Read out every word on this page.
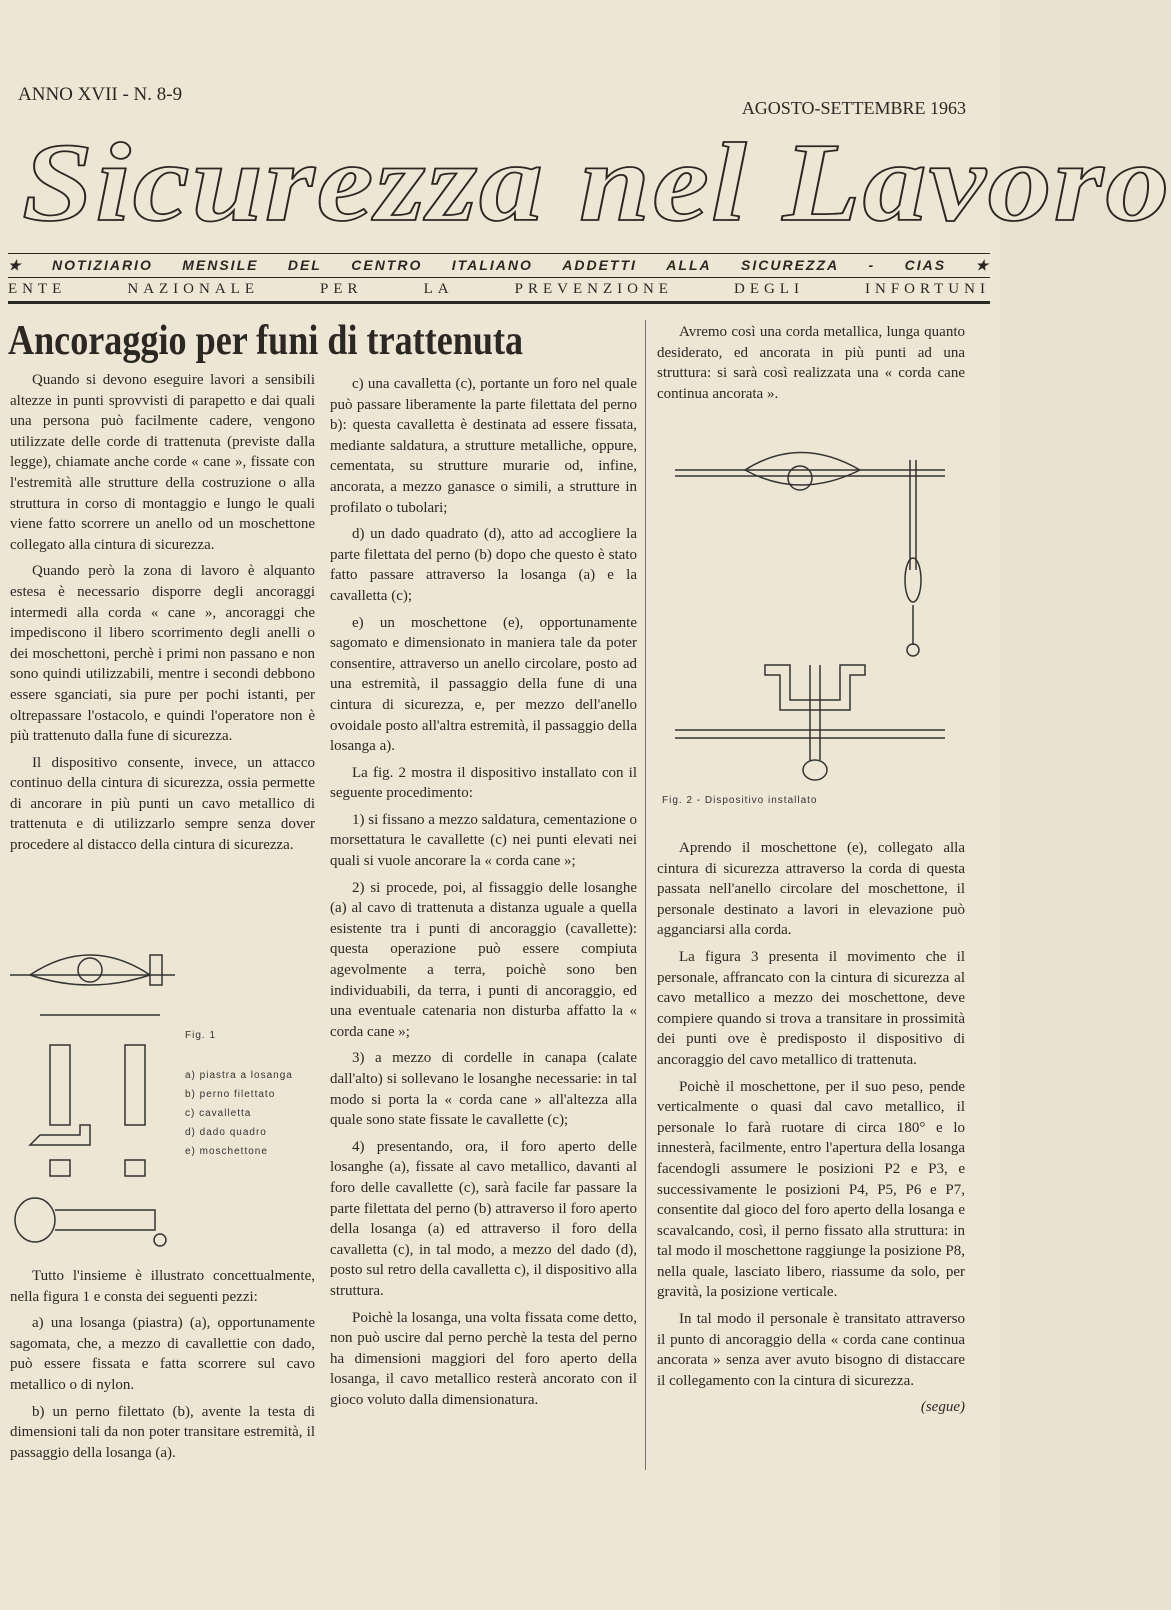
ANNO XVII - N. 8-9
AGOSTO-SETTEMBRE 1963
Sicurezza nel Lavoro
★ NOTIZIARIO MENSILE DEL CENTRO ITALIANO ADDETTI ALLA SICUREZZA - CIAS ★
ENTE	NAZIONALE	PER	LA	PREVENZIONE	DEGLI	INFORTUNI
Ancoraggio per funi di trattenuta

Quando si devono eseguire lavori a sensibili altezze in punti sprovvisti di parapetto e dai quali una persona può facilmente cadere, vengono utilizzate delle corde di trattenuta (previste dalla legge), chiamate anche corde « cane », fissate con l'estremità alle strutture della costruzione o alla struttura in corso di montaggio e lungo le quali viene fatto scorrere un anello od un moschettone collegato alla cintura di sicurezza.

Quando però la zona di lavoro è alquanto estesa è necessario disporre degli ancoraggi intermedi alla corda « cane », ancoraggi che impediscono il libero scorrimento degli anelli o dei moschettoni, perchè i primi non passano e non sono quindi utilizzabili, mentre i secondi debbono essere sganciati, sia pure per pochi istanti, per oltrepassare l'ostacolo, e quindi l'operatore non è più trattenuto dalla fune di sicurezza.

Il dispositivo consente, invece, un attacco continuo della cintura di sicurezza, ossia permette di ancorare in più punti un cavo metallico di trattenuta e di utilizzarlo sempre senza dover procedere al distacco della cintura di sicurezza.

Fig. 1
a) piastra a losanga
b) perno filettato
c) cavalletta
d) dado quadro
e) moschettone

Tutto l'insieme è illustrato concettualmente, nella figura 1 e consta dei seguenti pezzi:

a) una losanga (piastra) (a), opportunamente sagomata, che, a mezzo di cavallettie con dado, può essere fissata e fatta scorrere sul cavo metallico o di nylon.

b) un perno filettato (b), avente la testa di dimensioni tali da non poter transitare estremità, il passaggio della losanga (a).

c) una cavalletta (c), portante un foro nel quale può passare liberamente la parte filettata del perno b): questa cavalletta è destinata ad essere fissata, mediante saldatura, a strutture metalliche, oppure, cementata, su strutture murarie od, infine, ancorata, a mezzo ganasce o simili, a strutture in profilato o tubolari;

d) un dado quadrato (d), atto ad accogliere la parte filettata del perno (b) dopo che questo è stato fatto passare attraverso la losanga (a) e la cavalletta (c);

e) un moschettone (e), opportunamente sagomato e dimensionato in maniera tale da poter consentire, attraverso un anello circolare, posto ad una estremità, il passaggio della fune di una cintura di sicurezza, e, per mezzo dell'anello ovoidale posto all'altra estremità, il passaggio della losanga a).

La fig. 2 mostra il dispositivo installato con il seguente procedimento:

1) si fissano a mezzo saldatura, cementazione o morsettatura le cavallette (c) nei punti elevati nei quali si vuole ancorare la « corda cane »;

2) si procede, poi, al fissaggio delle losanghe (a) al cavo di trattenuta a distanza uguale a quella esistente tra i punti di ancoraggio (cavallette): questa operazione può essere compiuta agevolmente a terra, poichè sono ben individuabili, da terra, i punti di ancoraggio, ed una eventuale catenaria non disturba affatto la « corda cane »;

3) a mezzo di cordelle in canapa (calate dall'alto) si sollevano le losanghe necessarie: in tal modo si porta la « corda cane » all'altezza alla quale sono state fissate le cavallette (c);

4) presentando, ora, il foro aperto delle losanghe (a), fissate al cavo metallico, davanti al foro delle cavallette (c), sarà facile far passare la parte filettata del perno (b) attraverso il foro aperto della losanga (a) ed attraverso il foro della cavalletta (c), in tal modo, a mezzo del dado (d), posto sul retro della cavalletta c), il dispositivo alla struttura.

Poichè la losanga, una volta fissata come detto, non può uscire dal perno perchè la testa del perno ha dimensioni maggiori del foro aperto della losanga, il cavo metallico resterà ancorato con il gioco voluto dalla dimensionatura.

Avremo così una corda metallica, lunga quanto desiderato, ed ancorata in più punti ad una struttura: si sarà così realizzata una « corda cane continua ancorata ».

Fig. 2 - Dispositivo installato

Aprendo il moschettone (e), collegato alla cintura di sicurezza attraverso la corda di questa passata nell'anello circolare del moschettone, il personale destinato a lavori in elevazione può agganciarsi alla corda.

La figura 3 presenta il movimento che il personale, affrancato con la cintura di sicurezza al cavo metallico a mezzo dei moschettone, deve compiere quando si trova a transitare in prossimità dei punti ove è predisposto il dispositivo di ancoraggio del cavo metallico di trattenuta.

Poichè il moschettone, per il suo peso, pende verticalmente o quasi dal cavo metallico, il personale lo farà ruotare di circa 180° e lo innesterà, facilmente, entro l'apertura della losanga facendogli assumere le posizioni P2 e P3, e successivamente le posizioni P4, P5, P6 e P7, consentite dal gioco del foro aperto della losanga e scavalcando, così, il perno fissato alla struttura: in tal modo il moschettone raggiunge la posizione P8, nella quale, lasciato libero, riassume da solo, per gravità, la posizione verticale.

In tal modo il personale è transitato attraverso il punto di ancoraggio della « corda cane continua ancorata » senza aver avuto bisogno di distaccare il collegamento con la cintura di sicurezza.

(segue)
